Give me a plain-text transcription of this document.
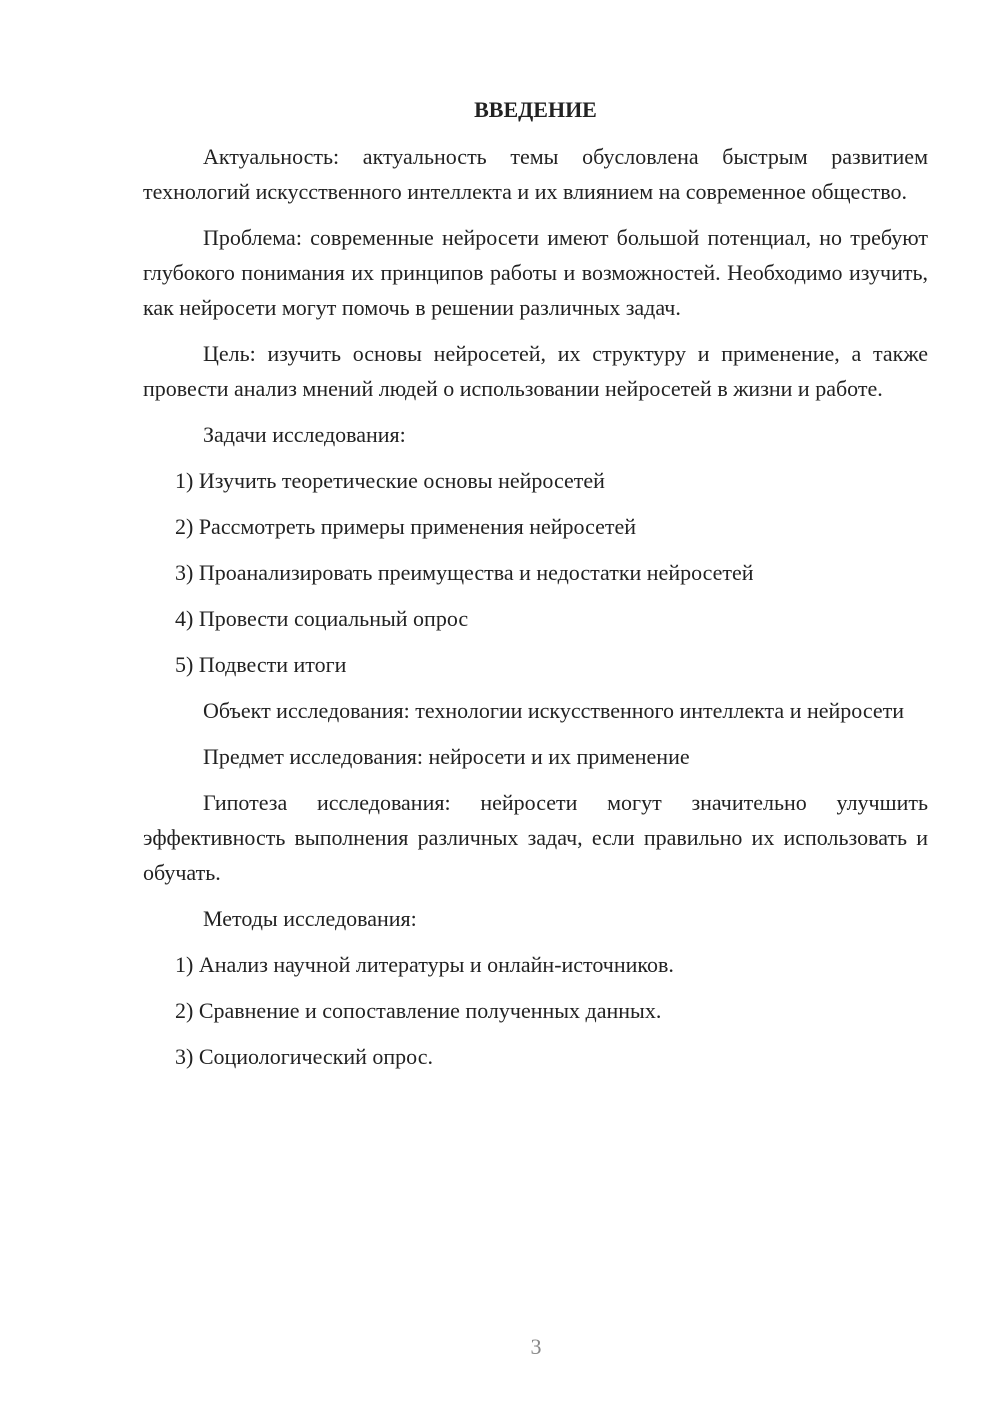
ВВЕДЕНИЕ

Актуальность: актуальность темы обусловлена быстрым развитием технологий искусственного интеллекта и их влиянием на современное общество.

Проблема: современные нейросети имеют большой потенциал, но требуют глубокого понимания их принципов работы и возможностей. Необходимо изучить, как нейросети могут помочь в решении различных задач.

Цель: изучить основы нейросетей, их структуру и применение, а также провести анализ мнений людей о использовании нейросетей в жизни и работе.

Задачи исследования:

1) Изучить теоретические основы нейросетей
2) Рассмотреть примеры применения нейросетей
3) Проанализировать преимущества и недостатки нейросетей
4) Провести социальный опрос
5) Подвести итоги

Объект исследования: технологии искусственного интеллекта и нейросети

Предмет исследования: нейросети и их применение

Гипотеза исследования: нейросети могут значительно улучшить эффективность выполнения различных задач, если правильно их использовать и обучать.

Методы исследования:

1) Анализ научной литературы и онлайн-источников.
2) Сравнение и сопоставление полученных данных.
3) Социологический опрос.
3
